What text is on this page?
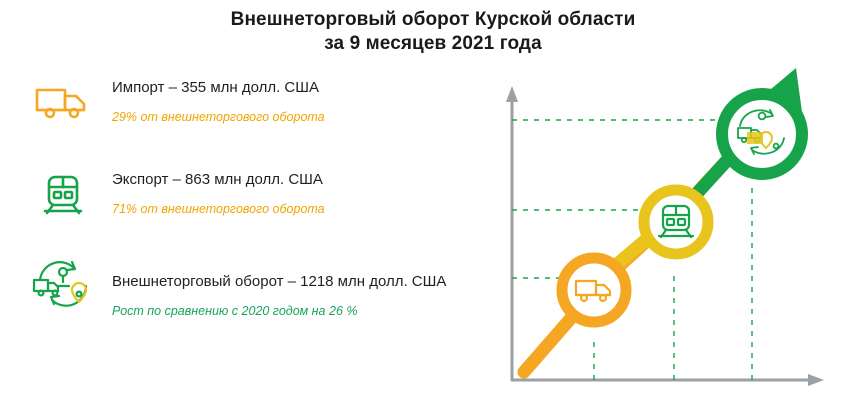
Внешнеторговый оборот Курской области
за 9 месяцев 2021 года
Импорт – 355 млн долл. США
29% от внешнеторгового оборота
Экспорт – 863 млн долл. США
71% от внешнеторгового оборота
Внешнеторговый оборот – 1218 млн долл. США
Рост по сравнению с 2020 годом на 26 %
